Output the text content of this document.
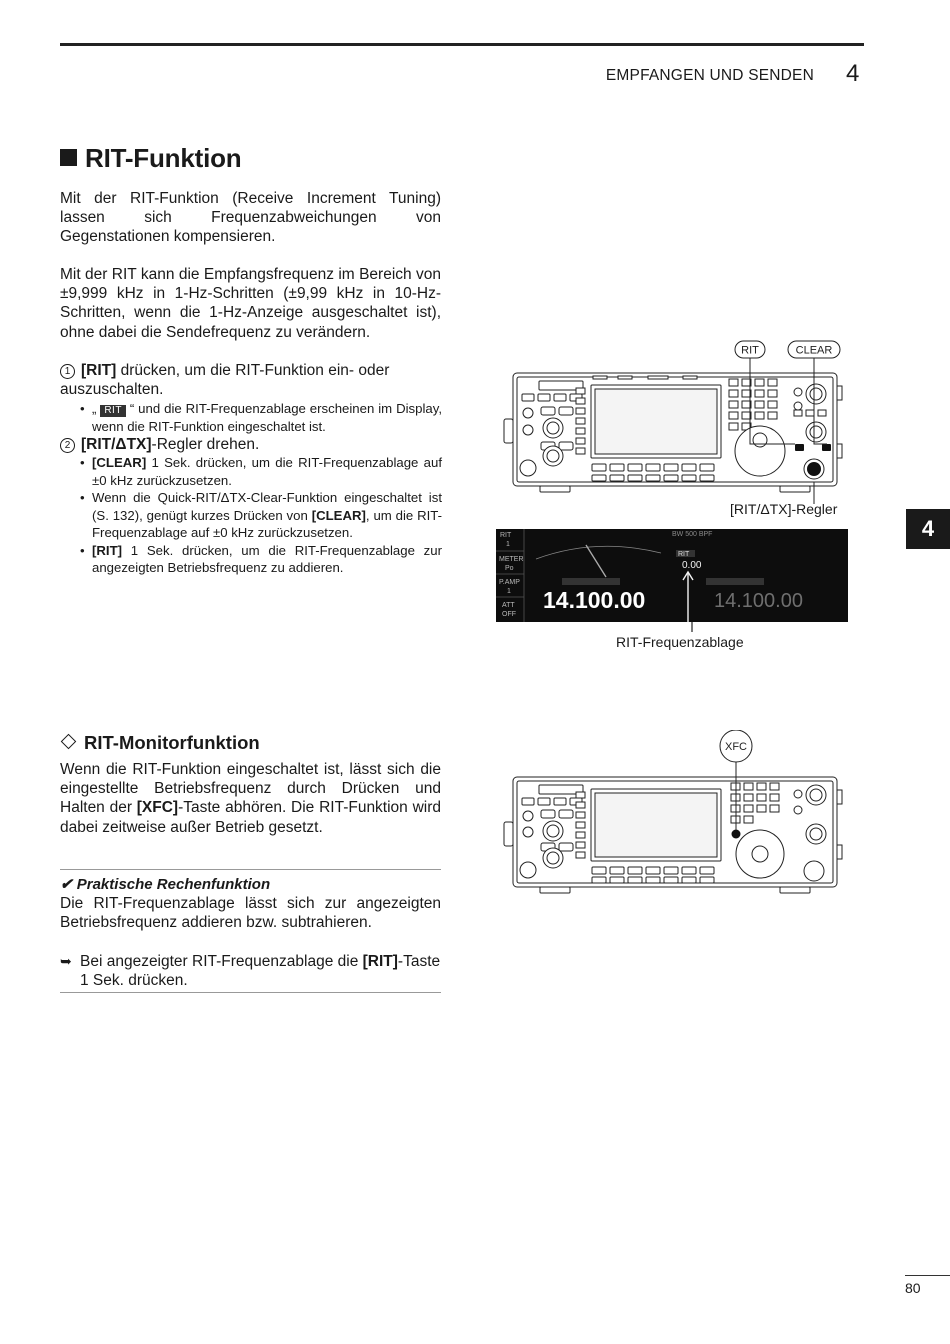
EMPFANGEN UND SENDEN 4
RIT-Funktion
Mit der RIT-Funktion (Receive Increment Tuning) lassen sich Frequenzabweichungen von Gegenstationen kompensieren.
Mit der RIT kann die Empfangsfrequenz im Bereich von ±9,999 kHz in 1-Hz-Schritten (±9,99 kHz in 10-Hz-Schritten, wenn die 1-Hz-Anzeige ausgeschaltet ist), ohne dabei die Sendefrequenz zu verändern.
1 [RIT] drücken, um die RIT-Funktion ein- oder auszuschalten.
• „ RIT “ und die RIT-Frequenzablage erscheinen im Display, wenn die RIT-Funktion eingeschaltet ist.
2 [RIT/ΔTX]-Regler drehen.
• [CLEAR] 1 Sek. drücken, um die RIT-Frequenzablage auf ±0 kHz zurückzusetzen.
• Wenn die Quick-RIT/ΔTX-Clear-Funktion eingeschaltet ist (S. 132), genügt kurzes Drücken von [CLEAR], um die RIT-Frequenzablage auf ±0 kHz zurückzusetzen.
• [RIT] 1 Sek. drücken, um die RIT-Frequenzablage zur angezeigten Betriebsfrequenz zu addieren.
RIT	CLEAR
[RIT/ΔTX]-Regler
RIT
1
METER
Po
P.AMP
1
ATT
OFF
BW 500 BPF
RIT
0.00
14.100.00	14.100.00
RIT-Frequenzablage
4
RIT-Monitorfunktion
Wenn die RIT-Funktion eingeschaltet ist, lässt sich die eingestellte Betriebsfrequenz durch Drücken und Halten der [XFC]-Taste abhören. Die RIT-Funktion wird dabei zeitweise außer Betrieb gesetzt.
XFC
✔ Praktische Rechenfunktion
Die RIT-Frequenzablage lässt sich zur angezeigten Betriebsfrequenz addieren bzw. subtrahieren.
➥ Bei angezeigter RIT-Frequenzablage die [RIT]-Taste 1 Sek. drücken.
80
